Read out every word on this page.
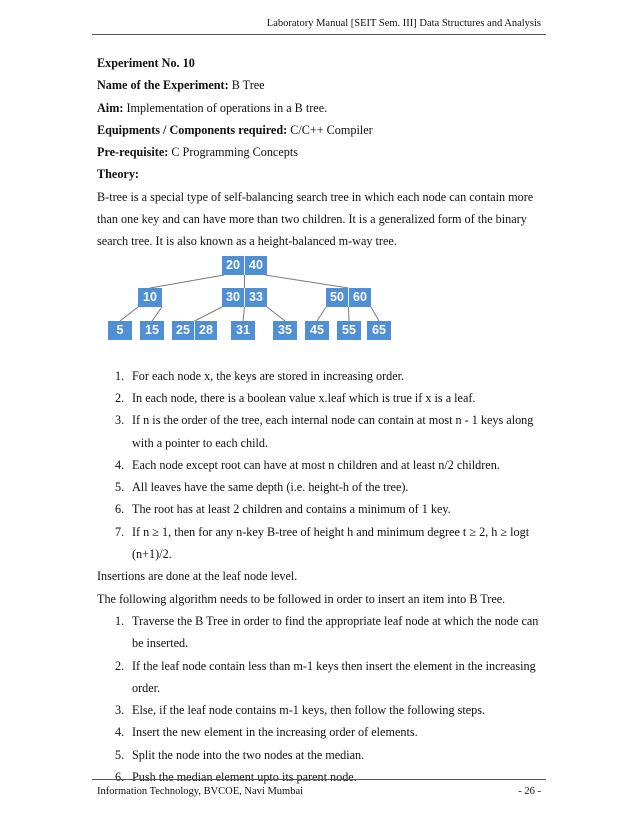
Laboratory Manual [SEIT Sem. III] Data Structures and Analysis
Experiment No. 10
Name of the Experiment: B Tree
Aim: Implementation of operations in a B tree.
Equipments / Components required: C/C++ Compiler
Pre-requisite: C Programming Concepts
Theory:
B-tree is a special type of self-balancing search tree in which each node can contain more
than one key and can have more than two children. It is a generalized form of the binary
search tree. It is also known as a height-balanced m-way tree.
20 40
10	30 33	50 60
5	15	25 28	31	35	45	55	65
1. For each node x, the keys are stored in increasing order.
2. In each node, there is a boolean value x.leaf which is true if x is a leaf.
3. If n is the order of the tree, each internal node can contain at most n - 1 keys along
with a pointer to each child.
4. Each node except root can have at most n children and at least n/2 children.
5. All leaves have the same depth (i.e. height-h of the tree).
6. The root has at least 2 children and contains a minimum of 1 key.
7. If n ≥ 1, then for any n-key B-tree of height h and minimum degree t ≥ 2, h ≥ logt
(n+1)/2.
Insertions are done at the leaf node level.
The following algorithm needs to be followed in order to insert an item into B Tree.
1. Traverse the B Tree in order to find the appropriate leaf node at which the node can
be inserted.
2. If the leaf node contain less than m-1 keys then insert the element in the increasing
order.
3. Else, if the leaf node contains m-1 keys, then follow the following steps.
4. Insert the new element in the increasing order of elements.
5. Split the node into the two nodes at the median.
6. Push the median element upto its parent node.
Information Technology, BVCOE, Navi Mumbai	- 26 -
